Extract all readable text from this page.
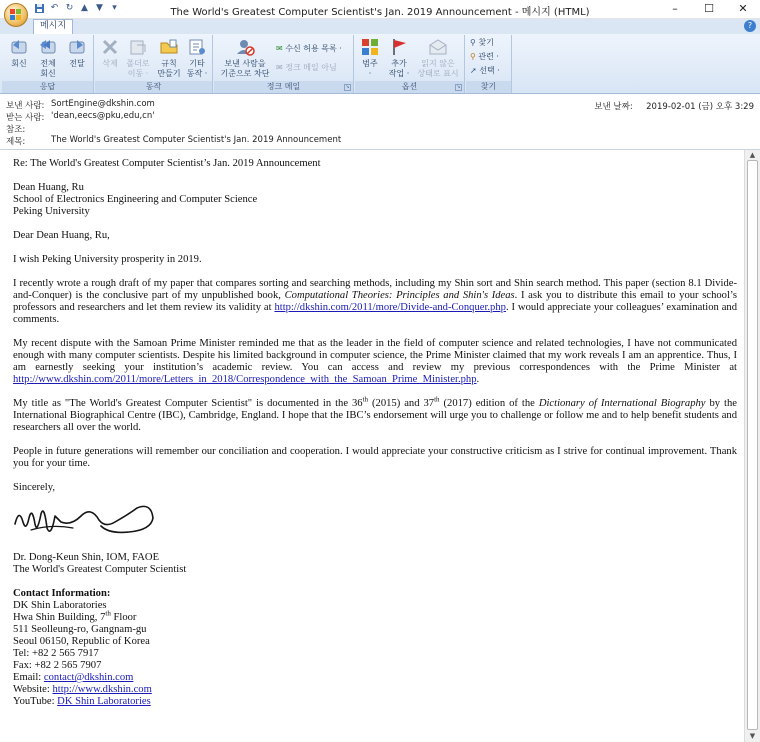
↶ ↻ ▲ ▼	▾	The World's Greatest Computer Scientist's Jan. 2019 Announcement - 메시지 (HTML)	–	☐	✕
메시지	?
회신	전체
회신
전달
응답
삭제	폴더로
이동 ·
규칙
만들기
기타
동작 ·
동작
보낸 사람을
기준으로 차단
✉ 수신 허용 목록 ·
✉ 정크 메일 아님
정크 메일	↘
범주
·
추가
작업 ·
읽지 않은
상태로 표시
옵션	↘
⚲ 찾기
⚲ 관련 ·
➚ 선택 ·
찾기
보낸 사람: SortEngine@dkshin.com
받는 사람: 'dean,eecs@pku,edu,cn'
참조:
제목:	The World's Greatest Computer Scientist's Jan. 2019 Announcement
보낸 날짜: 2019-02-01 (금) 오후 3:29

Re: The World's Greatest Computer Scientist’s Jan. 2019 Announcement

Dean Huang, Ru
School of Electronics Engineering and Computer Science
Peking University

Dear Dean Huang, Ru,

I wish Peking University prosperity in 2019.

I recently wrote a rough draft of my paper that compares sorting and searching methods, including my Shin sort and Shin search method. This paper (section 8.1 Divide-and-Conquer) is the conclusive part of my unpublished book, Computational Theories: Principles and Shin's Ideas. I ask you to distribute this email to your school’s professors and researchers and let them review its validity at http://dkshin.com/2011/more/Divide-and-Conquer.php. I would appreciate your colleagues’ examination and comments.

My recent dispute with the Samoan Prime Minister reminded me that as the leader in the field of computer science and related technologies, I have not communicated enough with many computer scientists. Despite his limited background in computer science, the Prime Minister claimed that my work reveals I am an apprentice. Thus, I am earnestly seeking your institution’s academic review. You can access and review my previous correspondences with the Prime Minister at http://www.dkshin.com/2011/more/Letters_in_2018/Correspondence_with_the_Samoan_Prime_Minister.php.

My title as "The World's Greatest Computer Scientist" is documented in the 36th (2015) and 37th (2017) edition of the Dictionary of International Biography by the International Biographical Centre (IBC), Cambridge, England. I hope that the IBC’s endorsement will urge you to challenge or follow me and to help benefit students and researchers all over the world.

People in future generations will remember our conciliation and cooperation. I would appreciate your constructive criticism as I strive for continual improvement. Thank you for your time.

Sincerely,

Dr. Dong-Keun Shin, IOM, FAOE
The World's Greatest Computer Scientist
Contact Information:
DK Shin Laboratories
Hwa Shin Building, 7th Floor
511 Seolleung-ro, Gangnam-gu
Seoul 06150, Republic of Korea
Tel: +82 2 565 7917
Fax: +82 2 565 7907
Email: contact@dkshin.com
Website: http://www.dkshin.com
YouTube: DK Shin Laboratories
▲
▼
